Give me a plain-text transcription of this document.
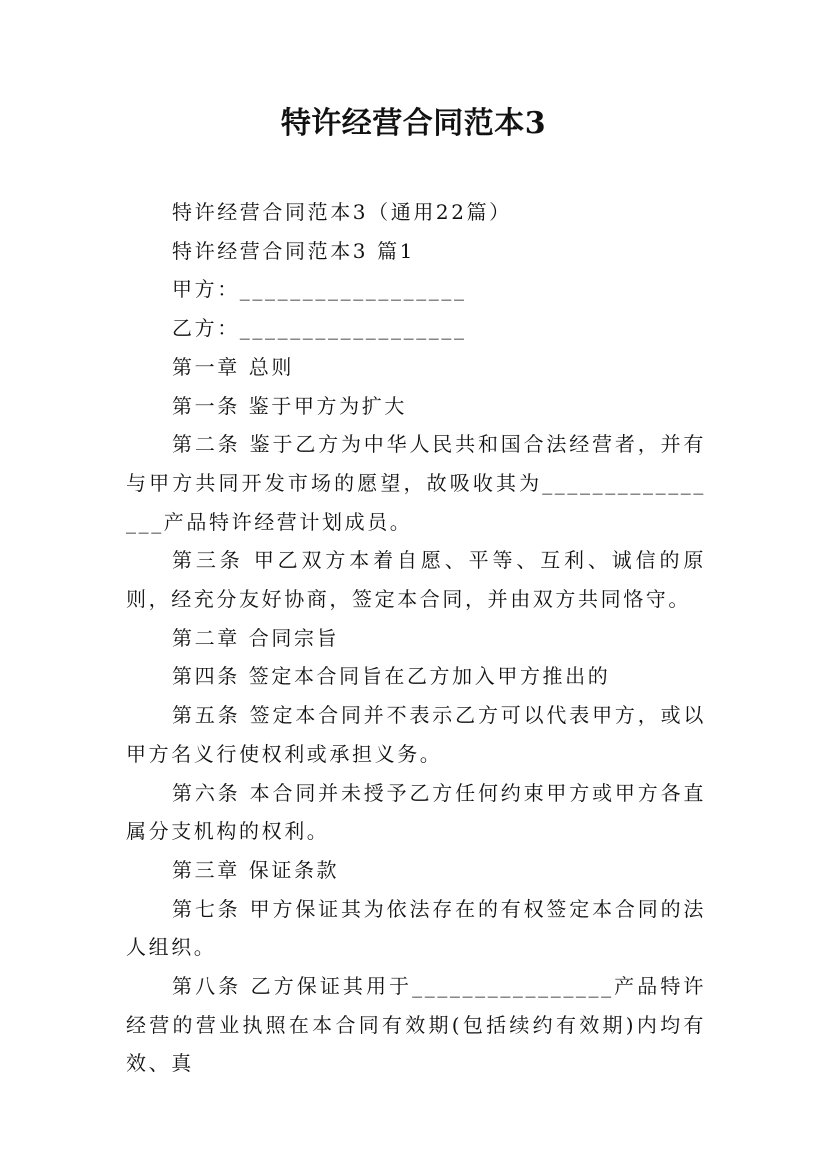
特许经营合同范本3

特许经营合同范本3（通用22篇）

特许经营合同范本3 篇1

甲方：__________________

乙方：__________________

第一章 总则

第一条 鉴于甲方为扩大

第二条 鉴于乙方为中华人民共和国合法经营者，并有与甲方共同开发市场的愿望，故吸收其为________________产品特许经营计划成员。

第三条 甲乙双方本着自愿、平等、互利、诚信的原则，经充分友好协商，签定本合同，并由双方共同恪守。

第二章 合同宗旨

第四条 签定本合同旨在乙方加入甲方推出的

第五条 签定本合同并不表示乙方可以代表甲方，或以甲方名义行使权利或承担义务。

第六条 本合同并未授予乙方任何约束甲方或甲方各直属分支机构的权利。

第三章 保证条款

第七条 甲方保证其为依法存在的有权签定本合同的法人组织。

第八条 乙方保证其用于________________产品特许经营的营业执照在本合同有效期(包括续约有效期)内均有效、真
